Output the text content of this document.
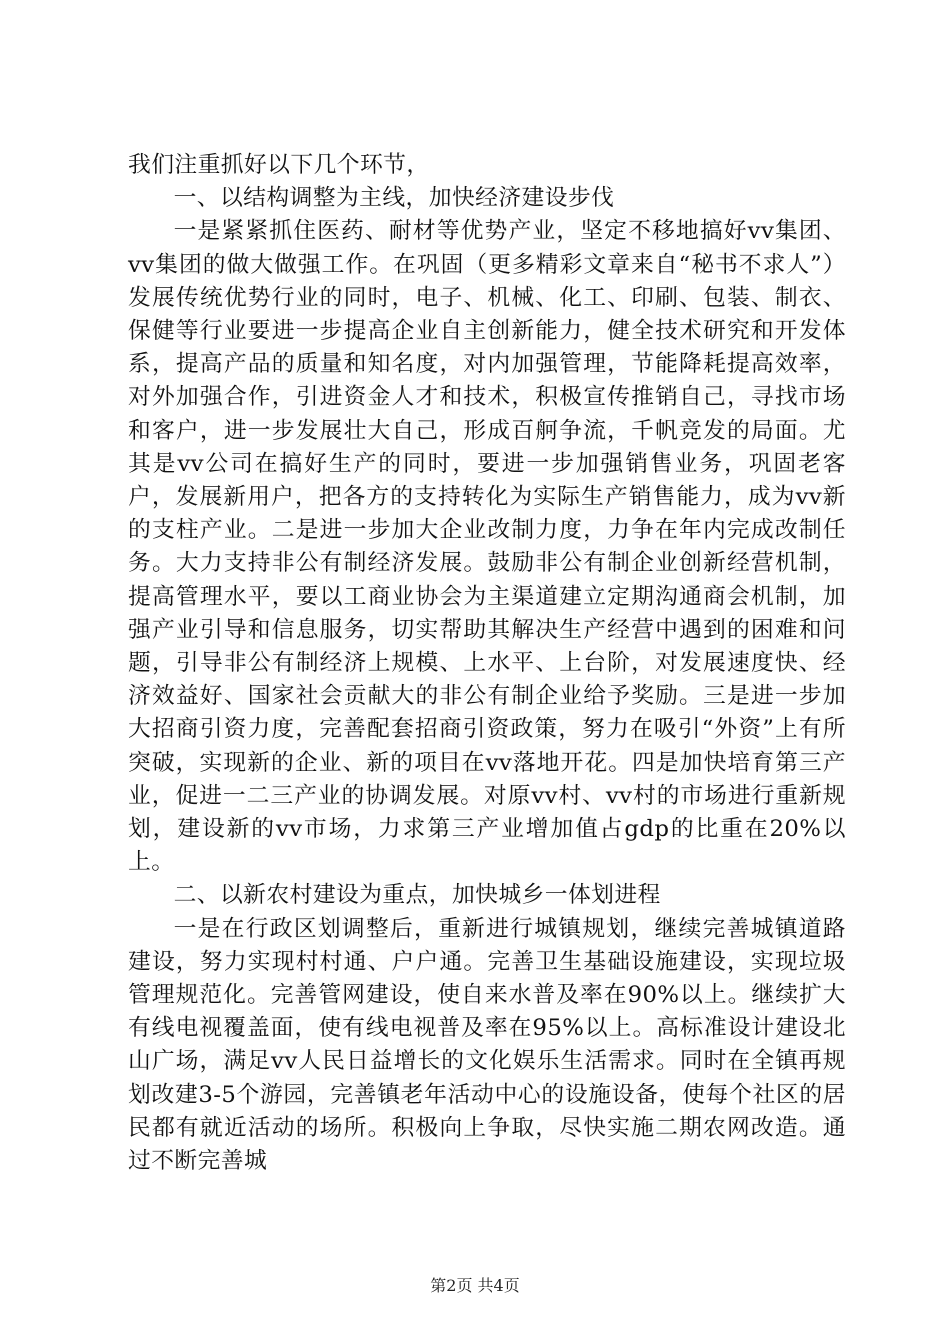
我们注重抓好以下几个环节，

一、以结构调整为主线，加快经济建设步伐

一是紧紧抓住医药、耐材等优势产业，坚定不移地搞好vv集团、vv集团的做大做强工作。在巩固（更多精彩文章来自“秘书不求人”）发展传统优势行业的同时，电子、机械、化工、印刷、包装、制衣、保健等行业要进一步提高企业自主创新能力，健全技术研究和开发体系，提高产品的质量和知名度，对内加强管理，节能降耗提高效率，对外加强合作，引进资金人才和技术，积极宣传推销自己，寻找市场和客户，进一步发展壮大自己，形成百舸争流，千帆竞发的局面。尤其是vv公司在搞好生产的同时，要进一步加强销售业务，巩固老客户，发展新用户，把各方的支持转化为实际生产销售能力，成为vv新的支柱产业。二是进一步加大企业改制力度，力争在年内完成改制任务。大力支持非公有制经济发展。鼓励非公有制企业创新经营机制，提高管理水平，要以工商业协会为主渠道建立定期沟通商会机制，加强产业引导和信息服务，切实帮助其解决生产经营中遇到的困难和问题，引导非公有制经济上规模、上水平、上台阶，对发展速度快、经济效益好、国家社会贡献大的非公有制企业给予奖励。三是进一步加大招商引资力度，完善配套招商引资政策，努力在吸引“外资”上有所突破，实现新的企业、新的项目在vv落地开花。四是加快培育第三产业，促进一二三产业的协调发展。对原vv村、vv村的市场进行重新规划，建设新的vv市场，力求第三产业增加值占gdp的比重在20%以上。

二、以新农村建设为重点，加快城乡一体划进程

一是在行政区划调整后，重新进行城镇规划，继续完善城镇道路建设，努力实现村村通、户户通。完善卫生基础设施建设，实现垃圾管理规范化。完善管网建设，使自来水普及率在90%以上。继续扩大有线电视覆盖面，使有线电视普及率在95%以上。高标准设计建设北山广场，满足vv人民日益增长的文化娱乐生活需求。同时在全镇再规划改建3-5个游园，完善镇老年活动中心的设施设备，使每个社区的居民都有就近活动的场所。积极向上争取，尽快实施二期农网改造。通过不断完善城

第2页 共4页
